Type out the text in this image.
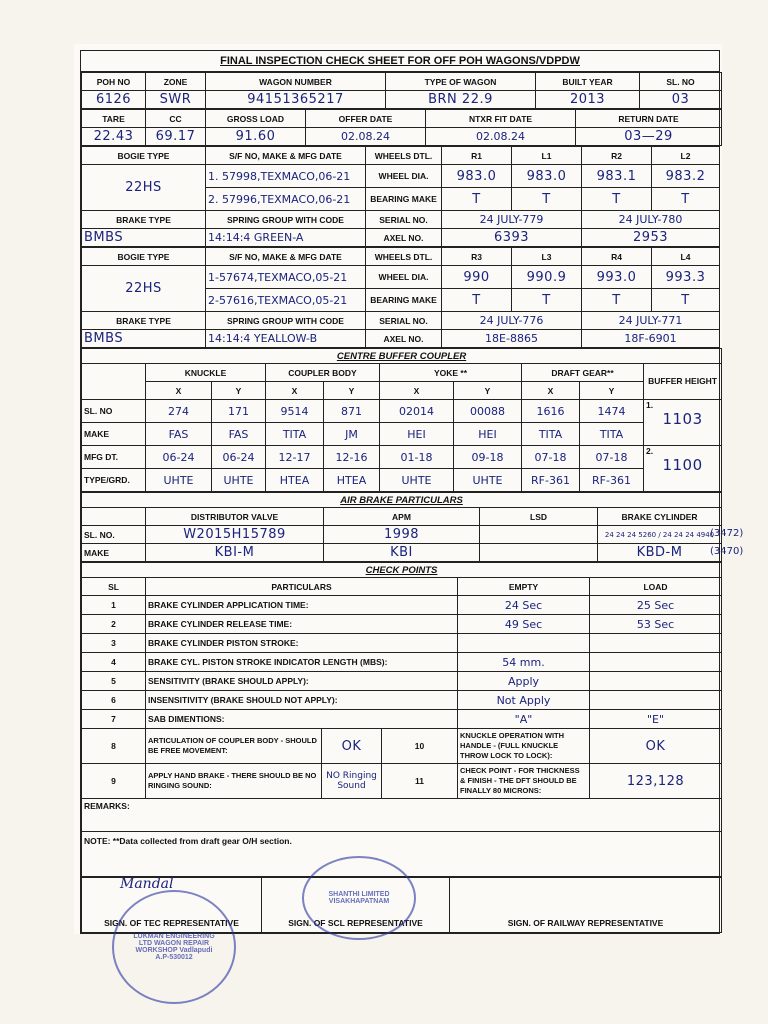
FINAL INSPECTION CHECK SHEET FOR OFF POH WAGONS/VDPDW
POH NO	ZONE	WAGON NUMBER	TYPE OF WAGON	BUILT YEAR	SL. NO
6126	SWR	94151365217	BRN 22.9	2013	03
TARE	CC	GROSS LOAD	OFFER DATE	NTXR FIT DATE	RETURN DATE
22.43	69.17	91.60	02.08.24	02.08.24	03—29
BOGIE TYPE	S/F NO, MAKE & MFG DATE	WHEELS DTL.	R1	L1	R2	L2
22HS	1. 57998,TEXMACO,06-21	WHEEL DIA.	983.0	983.0	983.1	983.2
	2. 57996,TEXMACO,06-21	BEARING MAKE	T	T	T	T
BRAKE TYPE	SPRING GROUP WITH CODE	SERIAL NO.	24 JULY-779		24 JULY-780	
BMBS	14:14:4 GREEN-A	AXEL NO.	6393		2953	
BOGIE TYPE	S/F NO, MAKE & MFG DATE	WHEELS DTL.	R3	L3	R4	L4
22HS	1-57674,TEXMACO,05-21	WHEEL DIA.	990	990.9	993.0	993.3
	2-57616,TEXMACO,05-21	BEARING MAKE	T	T	T	T
BRAKE TYPE	SPRING GROUP WITH CODE	SERIAL NO.	24 JULY-776		24 JULY-771	
BMBS	14:14:4 YEALLOW-B	AXEL NO.	18E-8865		18F-6901	
CENTRE BUFFER COUPLER									
	KNUCKLE		COUPLER BODY		YOKE **		DRAFT GEAR**		BUFFER HEIGHT
	X	Y	X	Y	X	Y	X	Y	
SL. NO	274	171	9514	871	02014	00088	1616	1474	1.
1103

MAKE	FAS	FAS	TITA	JM	HEI	HEI	TITA	TITA	
MFG DT.	06-24	06-24	12-17	12-16	01-18	09-18	07-18	07-18	2.
1100

TYPE/GRD.	UHTE	UHTE	HTEA	HTEA	UHTE	UHTE	RF-361	RF-361	
AIR BRAKE PARTICULARS				
	DISTRIBUTOR VALVE	APM	LSD	BRAKE CYLINDER
SL. NO.	W2015H15789	1998		24 24 24 5260 / 24 24 24 4940
MAKE	KBI-M	KBI		KBD-M
CHECK POINTS					
SL	PARTICULARS			EMPTY	LOAD
1	BRAKE CYLINDER APPLICATION TIME:			24 Sec	25 Sec
2	BRAKE CYLINDER RELEASE TIME:			49 Sec	53 Sec
3	BRAKE CYLINDER PISTON STROKE:				
4	BRAKE CYL. PISTON STROKE INDICATOR LENGTH (MBS):			54 mm.	
5	SENSITIVITY (BRAKE SHOULD APPLY):			Apply	
6	INSENSITIVITY (BRAKE SHOULD NOT APPLY):			Not Apply	
7	SAB DIMENTIONS:			"A"	"E"
8	ARTICULATION OF COUPLER BODY - SHOULD BE FREE MOVEMENT:	OK	10	KNUCKLE OPERATION WITH HANDLE - (FULL KNUCKLE THROW LOCK TO LOCK):	OK
9	APPLY HAND BRAKE - THERE SHOULD BE NO RINGING SOUND:	NO Ringing Sound	11	CHECK POINT - FOR THICKNESS & FINISH - THE DFT SHOULD BE FINALLY 80 MICRONS:	123,128
REMARKS:					
NOTE: **Data collected from draft gear O/H section.					
SIGN. OF TEC REPRESENTATIVE	SIGN. OF SCL REPRESENTATIVE	SIGN. OF RAILWAY REPRESENTATIVE
(3472)
(3470)
Mandal
LUKMAN ENGINEERING LTD WAGON REPAIR WORKSHOP Vadlapudi A.P-530012
SHANTHI LIMITED VISAKHAPATNAM
